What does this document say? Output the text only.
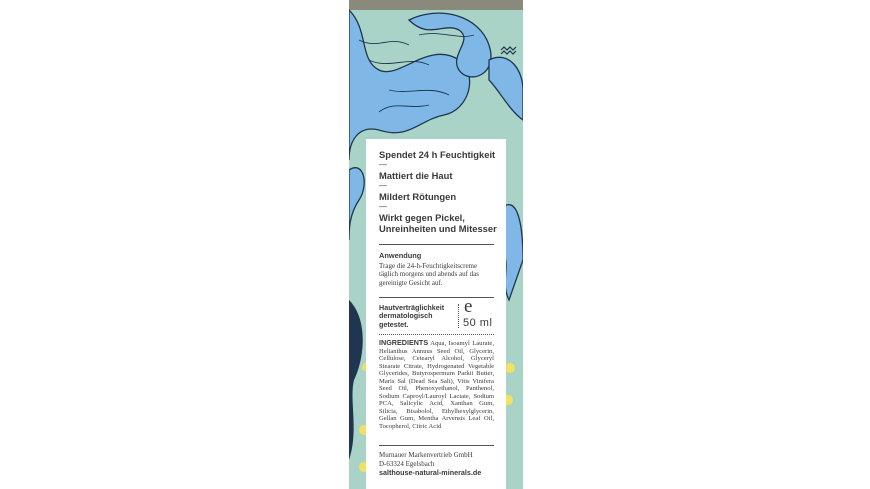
Spendet 24 h Feuchtigkeit

—

Mattiert die Haut

—

Mildert Rötungen

—

Wirkt gegen Pickel, Unreinheiten und Mitesser

Anwendung
Trage die 24-h-Feuchtigkeitscreme täglich morgens und abends auf das gereinigte Gesicht auf.
Hautverträglichkeit dermatologisch getestet.
e
50 ml
INGREDIENTS Aqua, Isoamyl Laurate, Helianthus Annuus Seed Oil, Glycerin, Cellulose, Cetearyl Alcohol, Glyceryl Stearate Citrate, Hydrogenated Vegetable Glycerides, Butyrospermum Parkii Butter, Maris Sal (Dead Sea Salt), Vitis Vinifera Seed Oil, Phenoxyethanol, Panthenol, Sodium Caproyl/Lauroyl Lactate, Sodium PCA, Salicylic Acid, Xanthan Gum, Silicia, Bisabolol, Ethylhexylglycerin, Gellan Gum, Mentha Arvensis Leaf Oil, Tocopherol, Citric Acid
Murnauer Markenvertrieb GmbH
D-63324 Egelsbach
salthouse-natural-minerals.de
